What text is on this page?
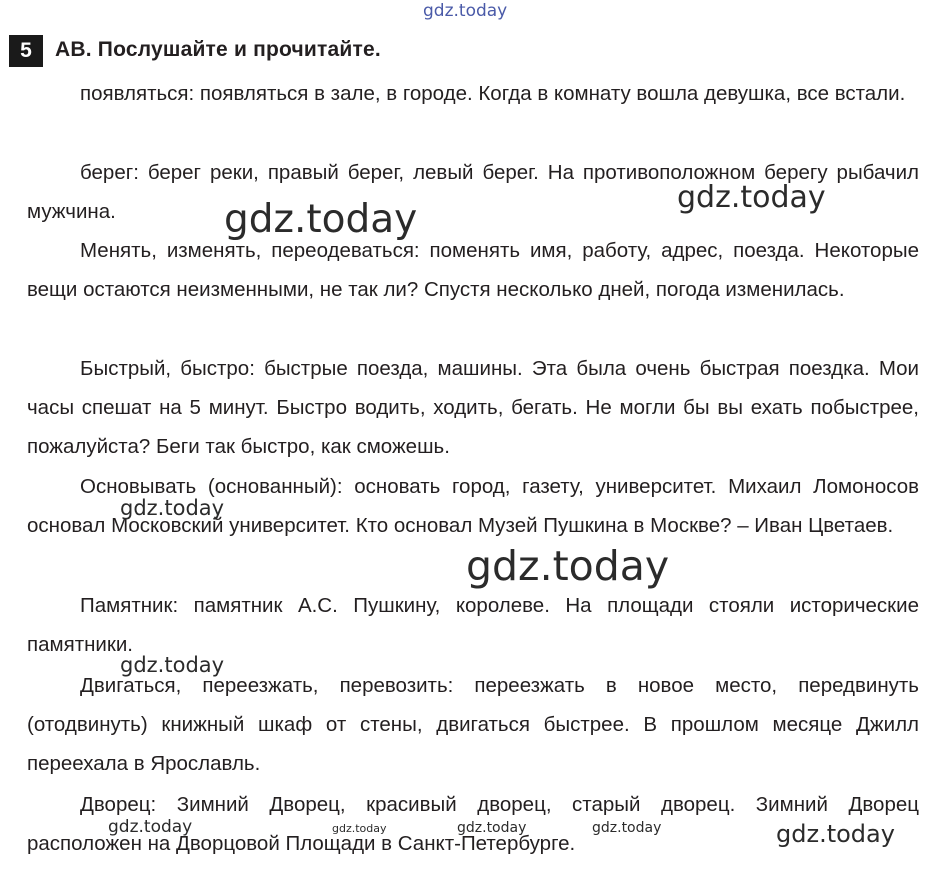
gdz.today
5	АВ. Послушайте и прочитайте.
появляться: появляться в зале, в городе. Когда в комнату вошла девушка, все встали.
берег: берег реки, правый берег, левый берег. На противоположном берегу рыбачил мужчина.
Менять, изменять, переодеваться: поменять имя, работу, адрес, поезда. Некоторые вещи остаются неизменными, не так ли? Спустя несколько дней, погода изменилась.
Быстрый, быстро: быстрые поезда, машины. Эта была очень быстрая поездка. Мои часы спешат на 5 минут. Быстро водить, ходить, бегать. Не могли бы вы ехать побыстрее, пожалуйста? Беги так быстро, как сможешь.
Основывать (основанный): основать город, газету, университет. Михаил Ломоносов основал Московский университет. Кто основал Музей Пушкина в Москве? – Иван Цветаев.
Памятник: памятник А.С. Пушкину, королеве. На площади стояли исторические памятники.
Двигаться, переезжать, перевозить: переезжать в новое место, передвинуть (отодвинуть) книжный шкаф от стены, двигаться быстрее. В прошлом месяце Джилл переехала в Ярославль.
Дворец: Зимний Дворец, красивый дворец, старый дворец. Зимний Дворец расположен на Дворцовой Площади в Санкт-Петербурге.
gdz.today	gdz.today
gdz.today
gdz.today
gdz.today
gdz.today	gdz.today	gdz.today	gdz.today	gdz.today
